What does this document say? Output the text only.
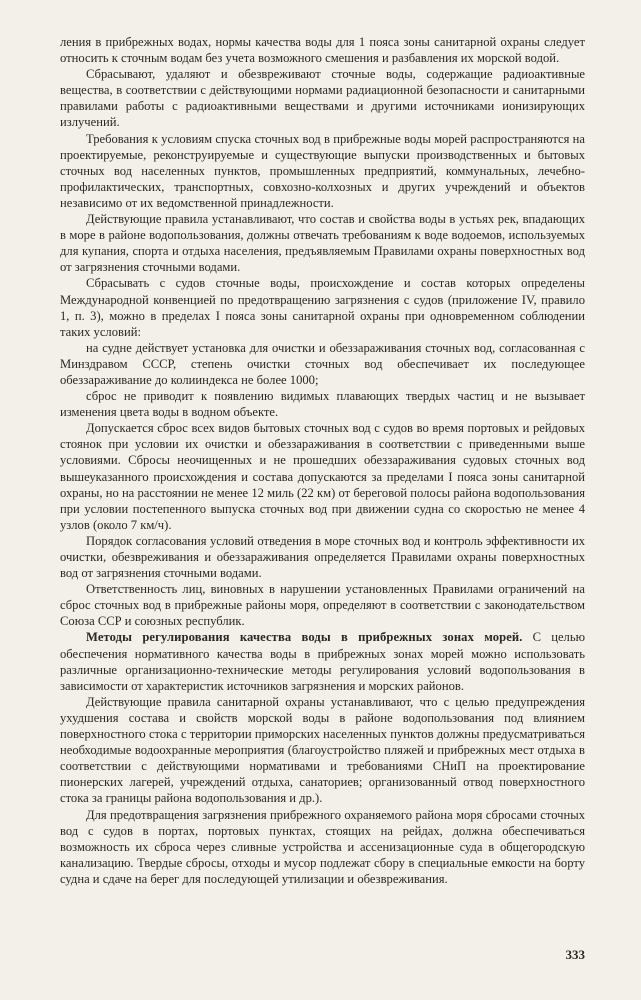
ления в прибрежных водах, нормы качества воды для 1 пояса зоны санитарной охраны следует относить к сточным водам без учета возможного смешения и разбавления их морской водой.

Сбрасывают, удаляют и обезвреживают сточные воды, содержащие радиоактивные вещества, в соответствии с действующими нормами радиационной безопасности и санитарными правилами работы с радиоактивными веществами и другими источниками ионизирующих излучений.

Требования к условиям спуска сточных вод в прибрежные воды морей распространяются на проектируемые, реконструируемые и существующие выпуски производственных и бытовых сточных вод населенных пунктов, промышленных предприятий, коммунальных, лечебно-профилактических, транспортных, совхозно-колхозных и других учреждений и объектов независимо от их ведомственной принадлежности.

Действующие правила устанавливают, что состав и свойства воды в устьях рек, впадающих в море в районе водопользования, должны отвечать требованиям к воде водоемов, используемых для купания, спорта и отдыха населения, предъявляемым Правилами охраны поверхностных вод от загрязнения сточными водами.

Сбрасывать с судов сточные воды, происхождение и состав которых определены Международной конвенцией по предотвращению загрязнения с судов (приложение IV, правило 1, п. 3), можно в пределах I пояса зоны санитарной охраны при одновременном соблюдении таких условий:

на судне действует установка для очистки и обеззараживания сточных вод, согласованная с Минздравом СССР, степень очистки сточных вод обеспечивает их последующее обеззараживание до колииндекса не более 1000;

сброс не приводит к появлению видимых плавающих твердых частиц и не вызывает изменения цвета воды в водном объекте.

Допускается сброс всех видов бытовых сточных вод с судов во время портовых и рейдовых стоянок при условии их очистки и обеззараживания в соответствии с приведенными выше условиями. Сбросы неочищенных и не прошедших обеззараживания судовых сточных вод вышеуказанного происхождения и состава допускаются за пределами I пояса зоны санитарной охраны, но на расстоянии не менее 12 миль (22 км) от береговой полосы района водопользования при условии постепенного выпуска сточных вод при движении судна со скоростью не менее 4 узлов (около 7 км/ч).

Порядок согласования условий отведения в море сточных вод и контроль эффективности их очистки, обезвреживания и обеззараживания определяется Правилами охраны поверхностных вод от загрязнения сточными водами.

Ответственность лиц, виновных в нарушении установленных Правилами ограничений на сброс сточных вод в прибрежные районы моря, определяют в соответствии с законодательством Союза ССР и союзных республик.

Методы регулирования качества воды в прибрежных зонах морей. С целью обеспечения нормативного качества воды в прибрежных зонах морей можно использовать различные организационно-технические методы регулирования условий водопользования в зависимости от характеристик источников загрязнения и морских районов.

Действующие правила санитарной охраны устанавливают, что с целью предупреждения ухудшения состава и свойств морской воды в районе водопользования под влиянием поверхностного стока с территории приморских населенных пунктов должны предусматриваться необходимые водоохранные мероприятия (благоустройство пляжей и прибрежных мест отдыха в соответствии с действующими нормативами и требованиями СНиП на проектирование пионерских лагерей, учреждений отдыха, санаториев; организованный отвод поверхностного стока за границы района водопользования и др.).

Для предотвращения загрязнения прибрежного охраняемого района моря сбросами сточных вод с судов в портах, портовых пунктах, стоящих на рейдах, должна обеспечиваться возможность их сброса через сливные устройства и ассенизационные суда в общегородскую канализацию. Твердые сбросы, отходы и мусор подлежат сбору в специальные емкости на борту судна и сдаче на берег для последующей утилизации и обезвреживания.

333
